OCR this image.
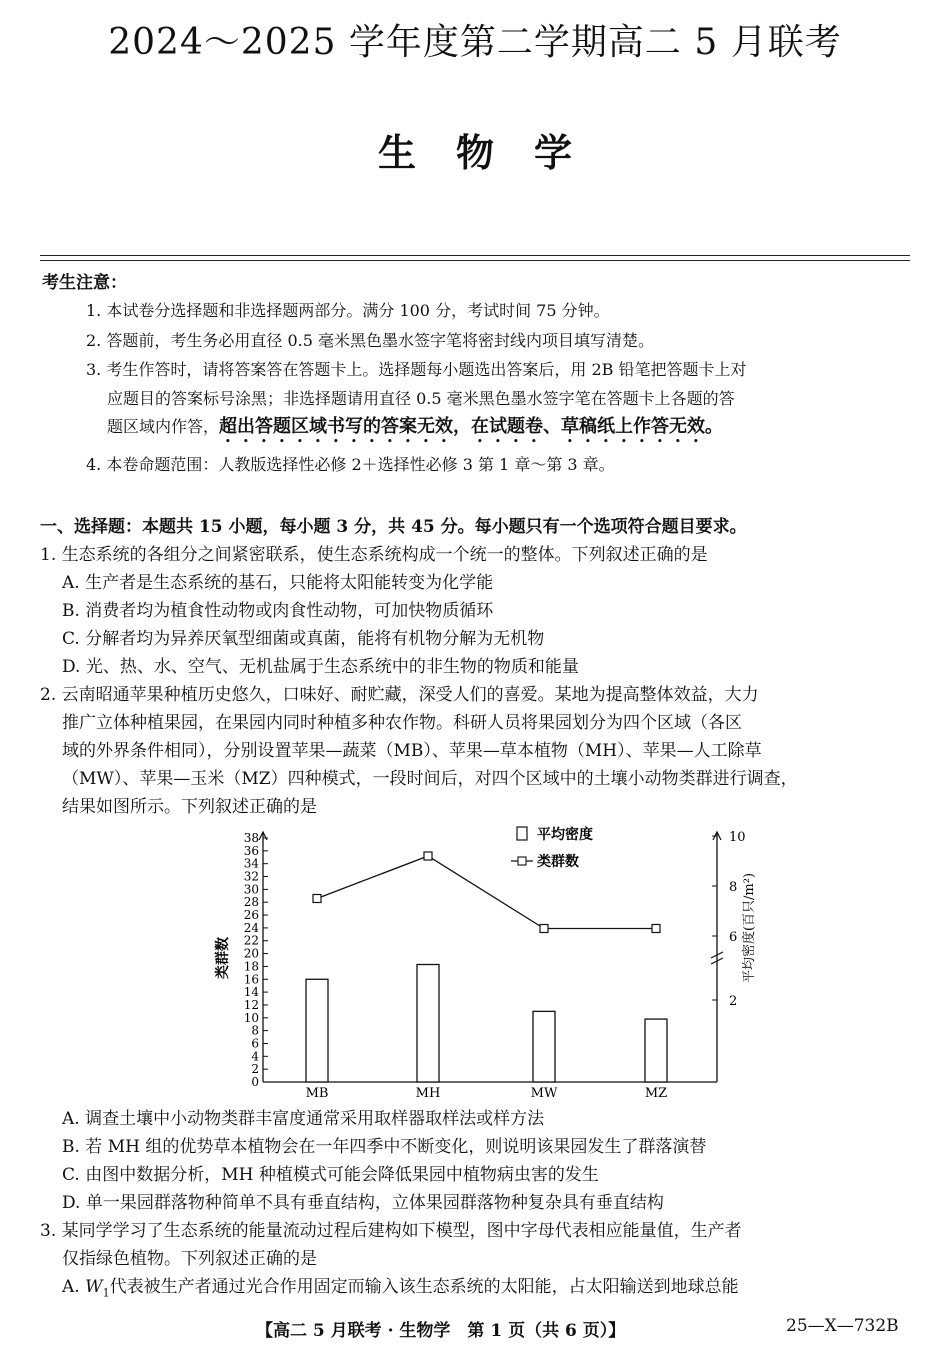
2024～2025 学年度第二学期高二 5 月联考
生物学
考生注意：
1. 本试卷分选择题和非选择题两部分。满分 100 分，考试时间 75 分钟。
2. 答题前，考生务必用直径 0.5 毫米黑色墨水签字笔将密封线内项目填写清楚。
3. 考生作答时，请将答案答在答题卡上。选择题每小题选出答案后，用 2B 铅笔把答题卡上对
应题目的答案标号涂黑；非选择题请用直径 0.5 毫米黑色墨水签字笔在答题卡上各题的答
题区域内作答，超出答题区域书写的答案无效，在试题卷、草稿纸上作答无效。
4. 本卷命题范围：人教版选择性必修 2＋选择性必修 3 第 1 章～第 3 章。
一、选择题：本题共 15 小题，每小题 3 分，共 45 分。每小题只有一个选项符合题目要求。
1. 生态系统的各组分之间紧密联系，使生态系统构成一个统一的整体。下列叙述正确的是
A. 生产者是生态系统的基石，只能将太阳能转变为化学能
B. 消费者均为植食性动物或肉食性动物，可加快物质循环
C. 分解者均为异养厌氧型细菌或真菌，能将有机物分解为无机物
D. 光、热、水、空气、无机盐属于生态系统中的非生物的物质和能量
2. 云南昭通苹果种植历史悠久，口味好、耐贮藏，深受人们的喜爱。某地为提高整体效益，大力
推广立体种植果园，在果园内同时种植多种农作物。科研人员将果园划分为四个区域（各区
域的外界条件相同），分别设置苹果—蔬菜（MB）、苹果—草本植物（MH）、苹果—人工除草
（MW）、苹果—玉米（MZ）四种模式，一段时间后，对四个区域中的土壤小动物类群进行调查，
结果如图所示。下列叙述正确的是
0
2
4
6
8
10
12
14
16
18
20
22
24
26
28
30
32
34
36
38
2
6
8
10
类群数	平均密度(百只/m²)
MB	MH	MW	MZ
平均密度
类群数
A. 调查土壤中小动物类群丰富度通常采用取样器取样法或样方法
B. 若 MH 组的优势草本植物会在一年四季中不断变化，则说明该果园发生了群落演替
C. 由图中数据分析，MH 种植模式可能会降低果园中植物病虫害的发生
D. 单一果园群落物种简单不具有垂直结构，立体果园群落物种复杂具有垂直结构
3. 某同学学习了生态系统的能量流动过程后建构如下模型，图中字母代表相应能量值，生产者
仅指绿色植物。下列叙述正确的是
A. $W_1$代表被生产者通过光合作用固定而输入该生态系统的太阳能，占太阳输送到地球总能
【高二 5 月联考 · 生物学　第 1 页（共 6 页）】	25—X—732B
